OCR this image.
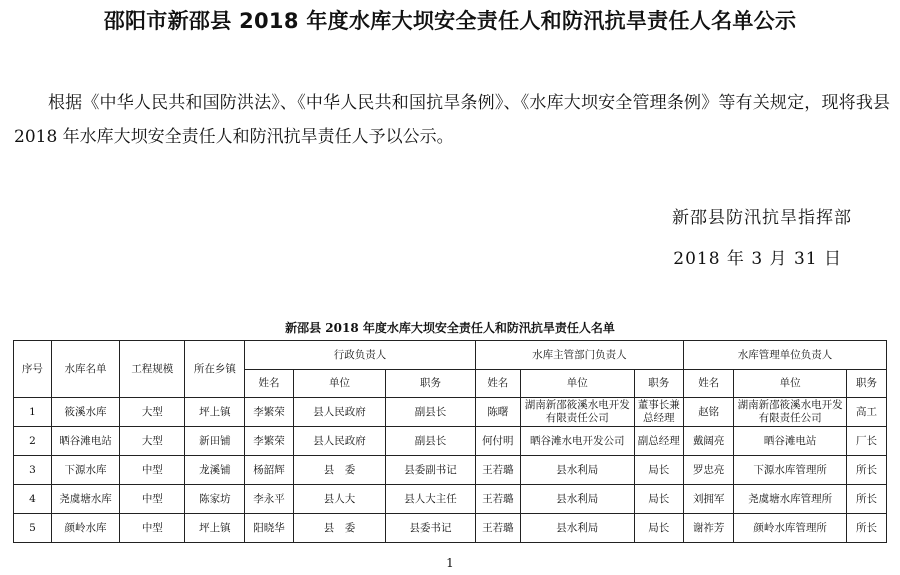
邵阳市新邵县 2018 年度水库大坝安全责任人和防汛抗旱责任人名单公示
根据《中华人民共和国防洪法》、《中华人民共和国抗旱条例》、《水库大坝安全管理条例》等有关规定，现将我县 2018 年水库大坝安全责任人和防汛抗旱责任人予以公示。
新邵县防汛抗旱指挥部
2018 年 3 月 31 日
新邵县 2018 年度水库大坝安全责任人和防汛抗旱责任人名单
序号	水库名单	工程规模	所在乡镇	行政负责人			水库主管部门负责人			水库管理单位负责人		
				姓名	单位	职务	姓名	单位	职务	姓名	单位	职务
1	筱溪水库	大型	坪上镇	李繁荣	县人民政府	副县长	陈曙	湖南新邵筱溪水电开发有限责任公司	董事长兼总经理	赵铭	湖南新邵筱溪水电开发有限责任公司	高工
2	晒谷滩电站	大型	新田铺	李繁荣	县人民政府	副县长	何付明	晒谷滩水电开发公司	副总经理	戴阔亮	晒谷滩电站	厂长
3	下源水库	中型	龙溪铺	杨韶辉	县　委	县委副书记	王若璐	县水利局	局长	罗忠亮	下源水库管理所	所长
4	尧虞塘水库	中型	陈家坊	李永平	县人大	县人大主任	王若璐	县水利局	局长	刘拥军	尧虞塘水库管理所	所长
5	颜岭水库	中型	坪上镇	阳晓华	县　委	县委书记	王若璐	县水利局	局长	谢祚芳	颜岭水库管理所	所长
1
